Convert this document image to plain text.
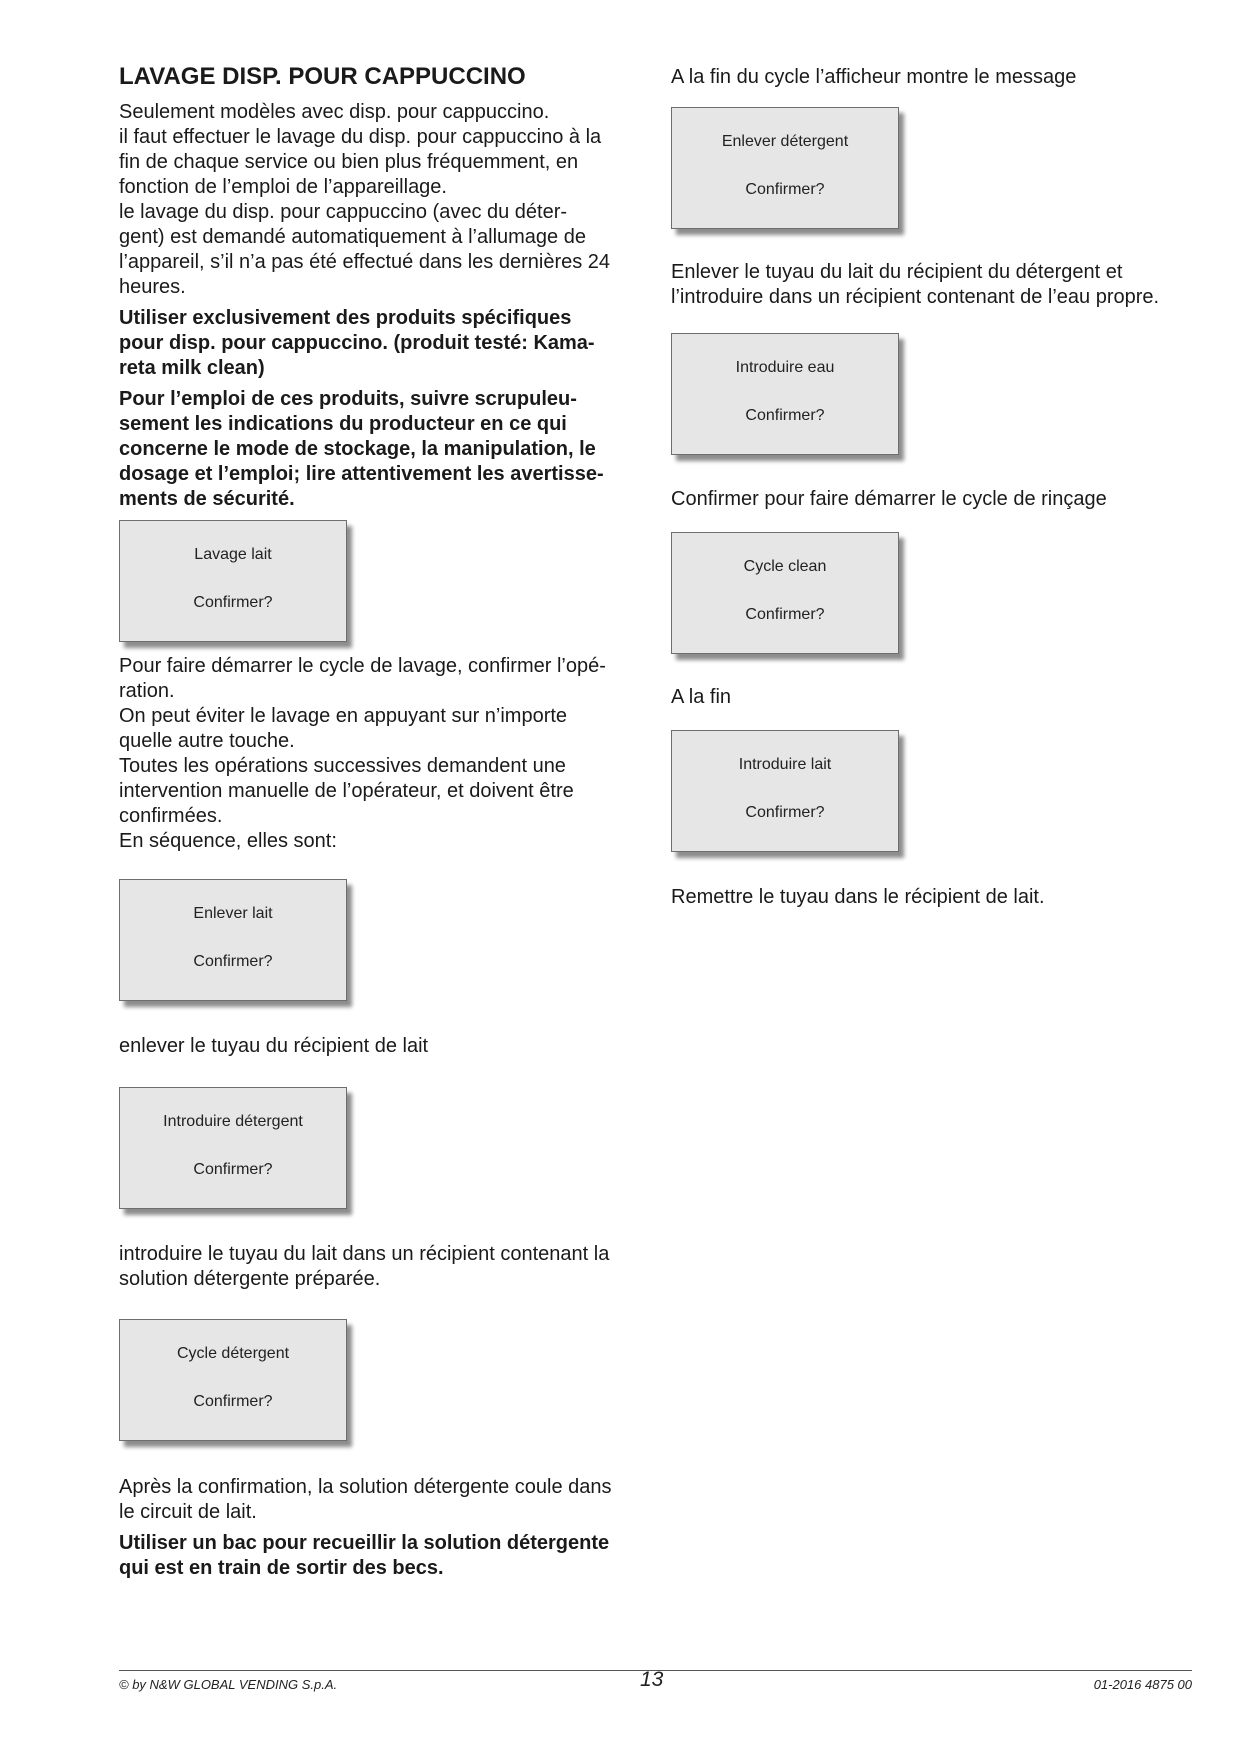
LAVAGE DISP. POUR CAPPUCCINO
Seulement modèles avec disp. pour cappuccino.
il faut effectuer le lavage du disp. pour cappuccino à la
fin de chaque service ou bien plus fréquemment, en
fonction de l’emploi de l’appareillage.
le lavage du disp. pour cappuccino (avec du déter-
gent) est demandé automatiquement à l’allumage de
l’appareil, s’il n’a pas été effectué dans les dernières 24
heures.
Utiliser exclusivement des produits spécifiques
pour disp. pour cappuccino. (produit testé: Kama-
reta milk clean)
Pour l’emploi de ces produits, suivre scrupuleu-
sement les indications du producteur en ce qui
concerne le mode de stockage, la manipulation, le
dosage et l’emploi; lire attentivement les avertisse-
ments de sécurité.
Lavage lait
Confirmer?
Pour faire démarrer le cycle de lavage, confirmer l’opé-
ration.
On peut éviter le lavage en appuyant sur n’importe
quelle autre touche.
Toutes les opérations successives demandent une
intervention manuelle de l’opérateur, et doivent être
confirmées.
En séquence, elles sont:
Enlever lait
Confirmer?
enlever le tuyau du récipient de lait
Introduire détergent
Confirmer?
introduire le tuyau du lait dans un récipient contenant la
solution détergente préparée.
Cycle détergent
Confirmer?
Après la confirmation, la solution détergente coule dans
le circuit de lait.
Utiliser un bac pour recueillir la solution détergente
qui est en train de sortir des becs.
A la fin du cycle l’afficheur montre le message
Enlever détergent
Confirmer?
Enlever le tuyau du lait du récipient du détergent et
l’introduire dans un récipient contenant de l’eau propre.
Introduire eau
Confirmer?
Confirmer pour faire démarrer le cycle de rinçage
Cycle clean
Confirmer?
A la fin
Introduire lait
Confirmer?
Remettre le tuyau dans le récipient de lait.
© by N&W GLOBAL VENDING S.p.A.	13	01-2016 4875 00
